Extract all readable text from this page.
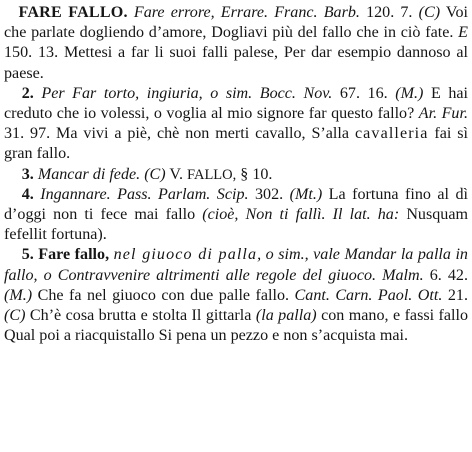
FARE FALLO. Fare errore, Errare. Franc. Barb. 120. 7. (C) Voi che parlate dogliendo d’amore, Dogliavi più del fallo che in ciò fate. E 150. 13. Mettesi a far li suoi falli palese, Per dar esempio dannoso al paese.

2. Per Far torto, ingiuria, o sim. Bocc. Nov. 67. 16. (M.) E hai creduto che io volessi, o voglia al mio signore far questo fallo? Ar. Fur. 31. 97. Ma vivi a piè, chè non merti cavallo, S’alla cavalleria fai sì gran fallo.

3. Mancar di fede. (C) V. FALLO, § 10.

4. Ingannare. Pass. Parlam. Scip. 302. (Mt.) La fortuna fino al dì d’oggi non ti fece mai fallo (cioè, Non ti fallì. Il lat. ha: Nusquam fefellit fortuna).

5. Fare fallo, nel giuoco di palla, o sim., vale Mandar la palla in fallo, o Contravvenire altrimenti alle regole del giuoco. Malm. 6. 42. (M.) Che fa nel giuoco con due palle fallo. Cant. Carn. Paol. Ott. 21. (C) Ch’è cosa brutta e stolta Il gittarla (la palla) con mano, e fassi fallo Qual poi a riacquistallo Si pena un pezzo e non s’acquista mai.
